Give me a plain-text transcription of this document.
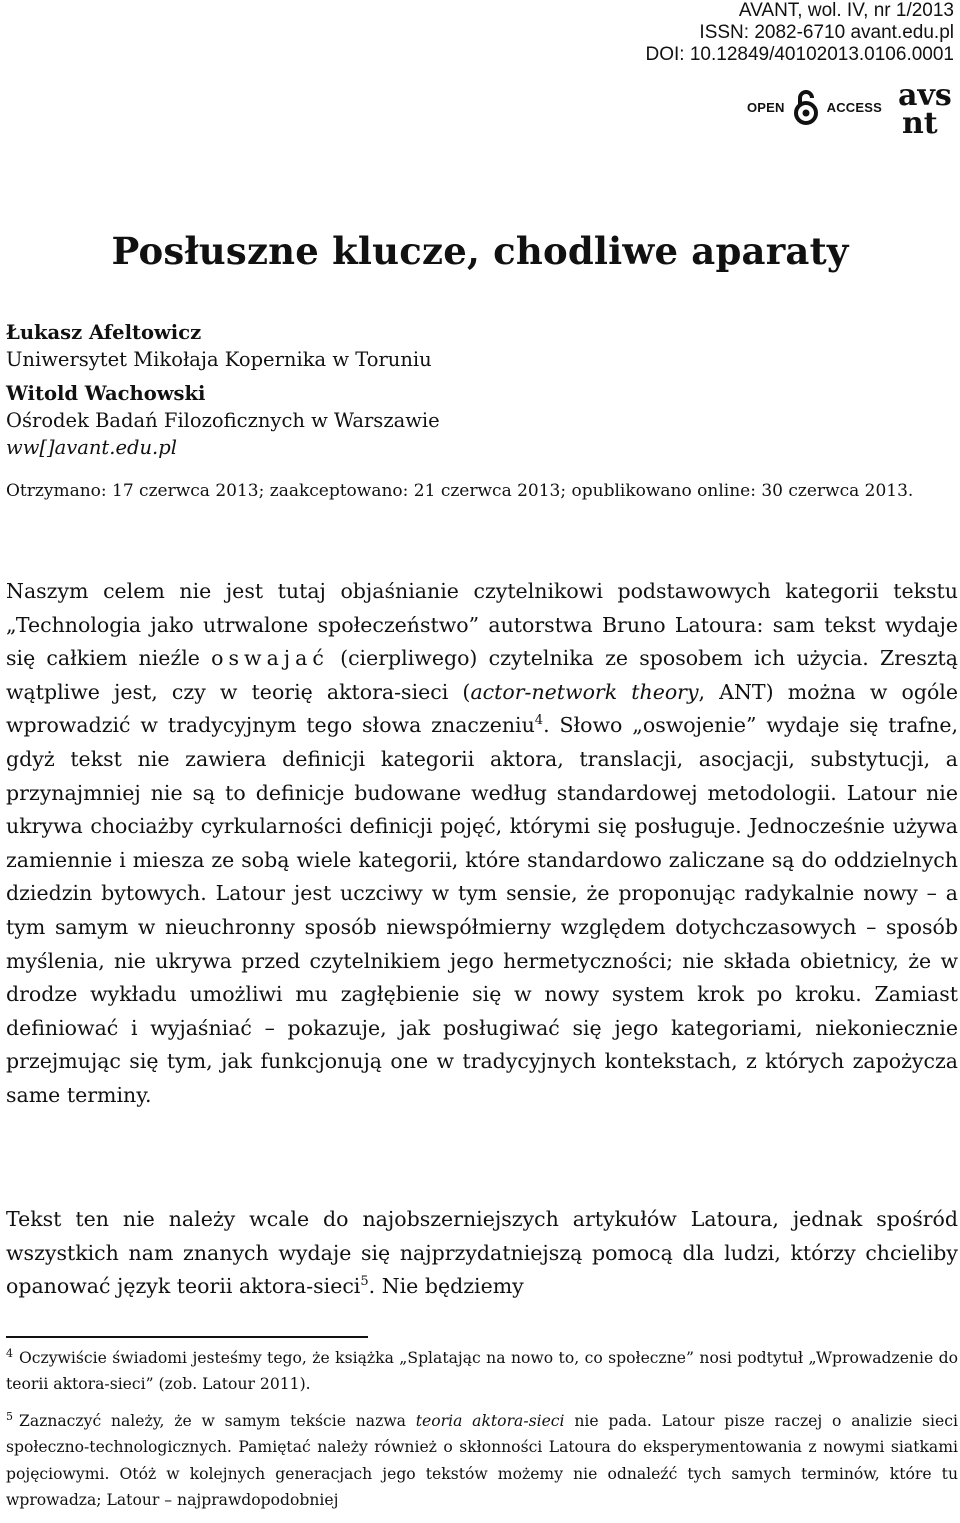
AVANT, wol. IV, nr 1/2013
ISSN: 2082-6710 avant.edu.pl
DOI: 10.12849/40102013.0106.0001
OPEN	ACCESS avs
nt
Posłuszne klucze, chodliwe aparaty
Łukasz Afeltowicz
Uniwersytet Mikołaja Kopernika w Toruniu
Witold Wachowski
Ośrodek Badań Filozoficznych w Warszawie
ww[]avant.edu.pl
Otrzymano: 17 czerwca 2013; zaakceptowano: 21 czerwca 2013; opublikowano online: 30 czerwca 2013.

Naszym celem nie jest tutaj objaśnianie czytelnikowi podstawowych kategorii tekstu „Technologia jako utrwalone społeczeństwo” autorstwa Bruno Latoura: sam tekst wydaje się całkiem nieźle oswajać (cierpliwego) czytelnika ze sposobem ich użycia. Zresztą wątpliwe jest, czy w teorię aktora-sieci (actor-network theory, ANT) można w ogóle wprowadzić w tradycyjnym tego słowa znaczeniu$^4$. Słowo „oswojenie” wydaje się trafne, gdyż tekst nie zawiera definicji kategorii aktora, translacji, asocjacji, substytucji, a przynajmniej nie są to definicje budowane według standardowej metodologii. Latour nie ukrywa chociażby cyrkularności definicji pojęć, którymi się posługuje. Jednocześnie używa zamiennie i miesza ze sobą wiele kategorii, które standardowo zaliczane są do oddzielnych dziedzin bytowych. Latour jest uczciwy w tym sensie, że proponując radykalnie nowy – a tym samym w nieuchronny sposób niewspółmierny względem dotychczasowych – sposób myślenia, nie ukrywa przed czytelnikiem jego hermetyczności; nie składa obietnicy, że w drodze wykładu umożliwi mu zagłębienie się w nowy system krok po kroku. Zamiast definiować i wyjaśniać – pokazuje, jak posługiwać się jego kategoriami, niekoniecznie przejmując się tym, jak funkcjonują one w tradycyjnych kontekstach, z których zapożycza same terminy.

Tekst ten nie należy wcale do najobszerniejszych artykułów Latoura, jednak spośród wszystkich nam znanych wydaje się najprzydatniejszą pomocą dla ludzi, którzy chcieliby opanować język teorii aktora-sieci$^5$. Nie będziemy

$^4$ Oczywiście świadomi jesteśmy tego, że książka „Splatając na nowo to, co społeczne” nosi podtytuł „Wprowadzenie do teorii aktora-sieci” (zob. Latour 2011).

$^5$ Zaznaczyć należy, że w samym tekście nazwa teoria aktora-sieci nie pada. Latour pisze raczej o analizie sieci społeczno-technologicznych. Pamiętać należy również o skłonności Latoura do eksperymentowania z nowymi siatkami pojęciowymi. Otóż w kolejnych generacjach jego tekstów możemy nie odnaleźć tych samych terminów, które tu wprowadza; Latour – najprawdopodobniej
